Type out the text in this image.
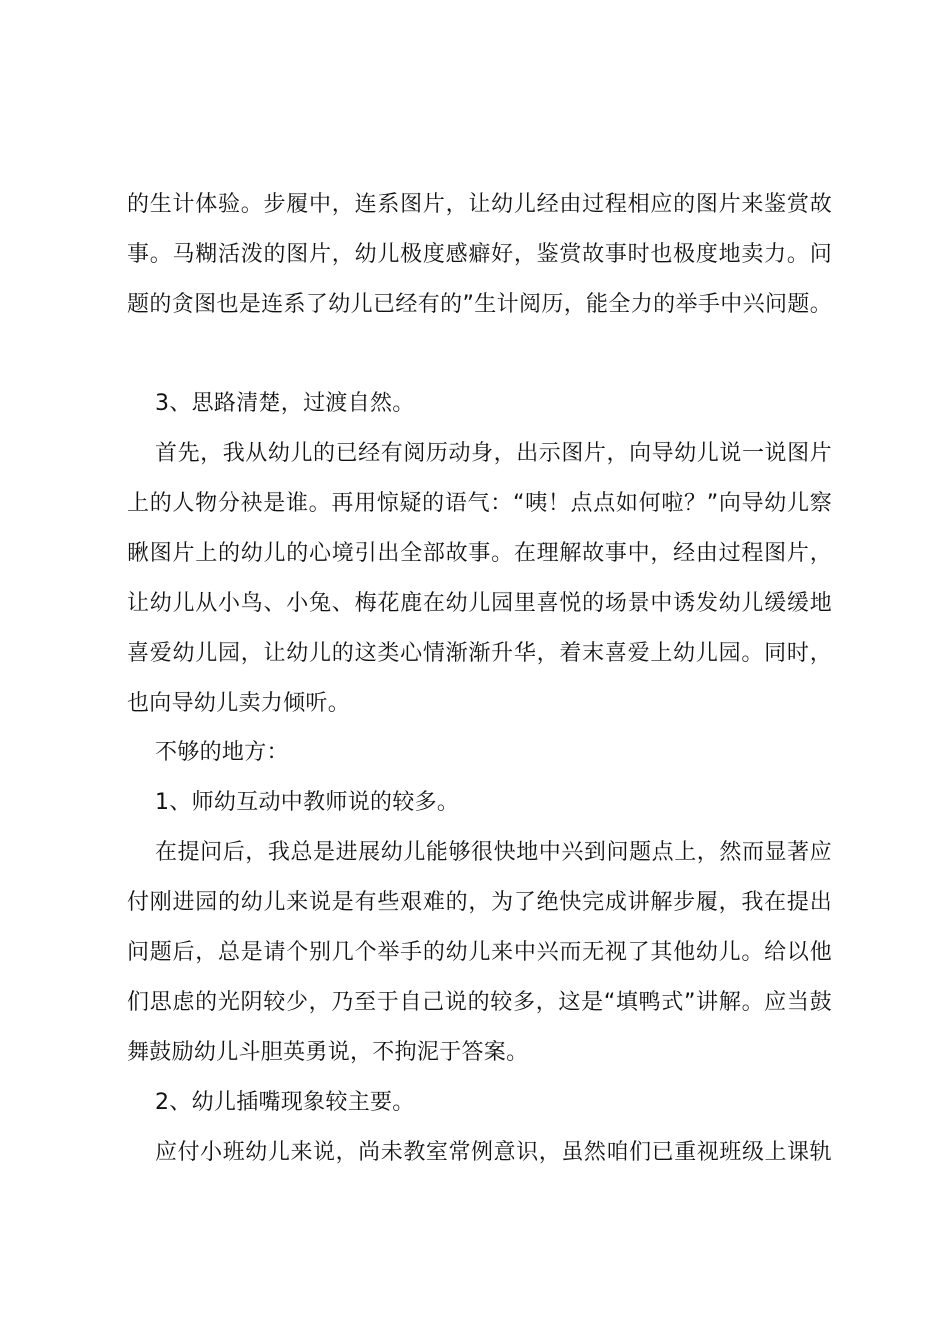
的生计体验。步履中，连系图片，让幼儿经由过程相应的图片来鉴赏故
事。马糊活泼的图片，幼儿极度感癖好，鉴赏故事时也极度地卖力。问
题的贪图也是连系了幼儿已经有的”生计阅历，能全力的举手中兴问题。
3、思路清楚，过渡自然。
首先，我从幼儿的已经有阅历动身，出示图片，向导幼儿说一说图片
上的人物分袂是谁。再用惊疑的语气：“咦！点点如何啦？”向导幼儿察
瞅图片上的幼儿的心境引出全部故事。在理解故事中，经由过程图片，
让幼儿从小鸟、小兔、梅花鹿在幼儿园里喜悦的场景中诱发幼儿缓缓地
喜爱幼儿园，让幼儿的这类心情渐渐升华，着末喜爱上幼儿园。同时，
也向导幼儿卖力倾听。
不够的地方：
1、师幼互动中教师说的较多。
在提问后，我总是进展幼儿能够很快地中兴到问题点上，然而显著应
付刚进园的幼儿来说是有些艰难的，为了绝快完成讲解步履，我在提出
问题后，总是请个别几个举手的幼儿来中兴而无视了其他幼儿。给以他
们思虑的光阴较少，乃至于自己说的较多，这是“填鸭式”讲解。应当鼓
舞鼓励幼儿斗胆英勇说，不拘泥于答案。
2、幼儿插嘴现象较主要。
应付小班幼儿来说，尚未教室常例意识，虽然咱们已重视班级上课轨
